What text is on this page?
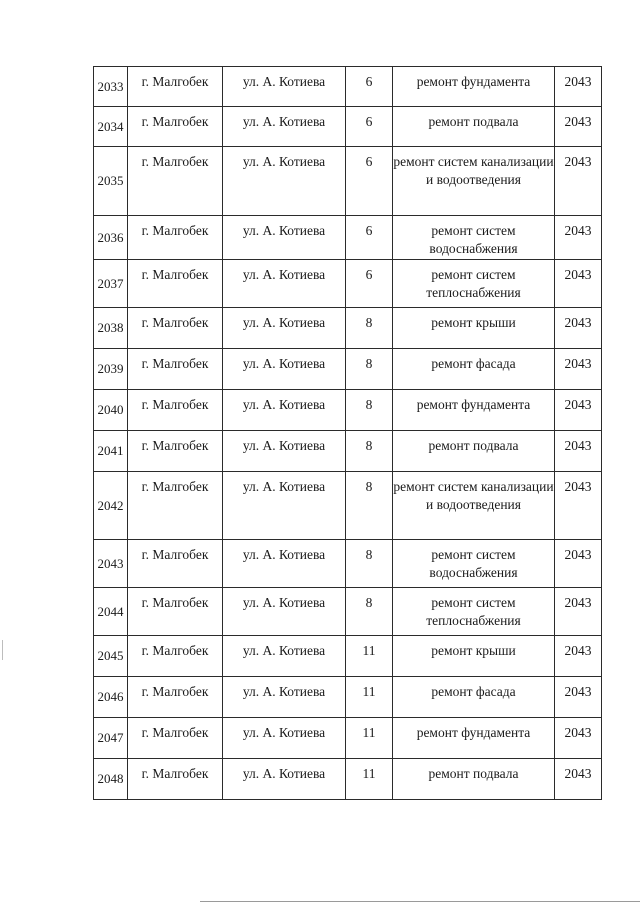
2033	г. Малгобек	ул. А. Котиева	6	ремонт фундамента	2043

2034	г. Малгобек	ул. А. Котиева	6	ремонт подвала	2043

2035	г. Малгобек	ул. А. Котиева	6	ремонт систем канализации и водоотведения	2043

2036	г. Малгобек	ул. А. Котиева	6	ремонт систем водоснабжения	2043

2037	г. Малгобек	ул. А. Котиева	6	ремонт систем теплоснабжения	2043

2038	г. Малгобек	ул. А. Котиева	8	ремонт крыши	2043

2039	г. Малгобек	ул. А. Котиева	8	ремонт фасада	2043

2040	г. Малгобек	ул. А. Котиева	8	ремонт фундамента	2043

2041	г. Малгобек	ул. А. Котиева	8	ремонт подвала	2043

2042	г. Малгобек	ул. А. Котиева	8	ремонт систем канализации и водоотведения	2043

2043	г. Малгобек	ул. А. Котиева	8	ремонт систем водоснабжения	2043

2044	г. Малгобек	ул. А. Котиева	8	ремонт систем теплоснабжения	2043

2045	г. Малгобек	ул. А. Котиева	11	ремонт крыши	2043

2046	г. Малгобек	ул. А. Котиева	11	ремонт фасада	2043

2047	г. Малгобек	ул. А. Котиева	11	ремонт фундамента	2043

2048	г. Малгобек	ул. А. Котиева	11	ремонт подвала	2043
